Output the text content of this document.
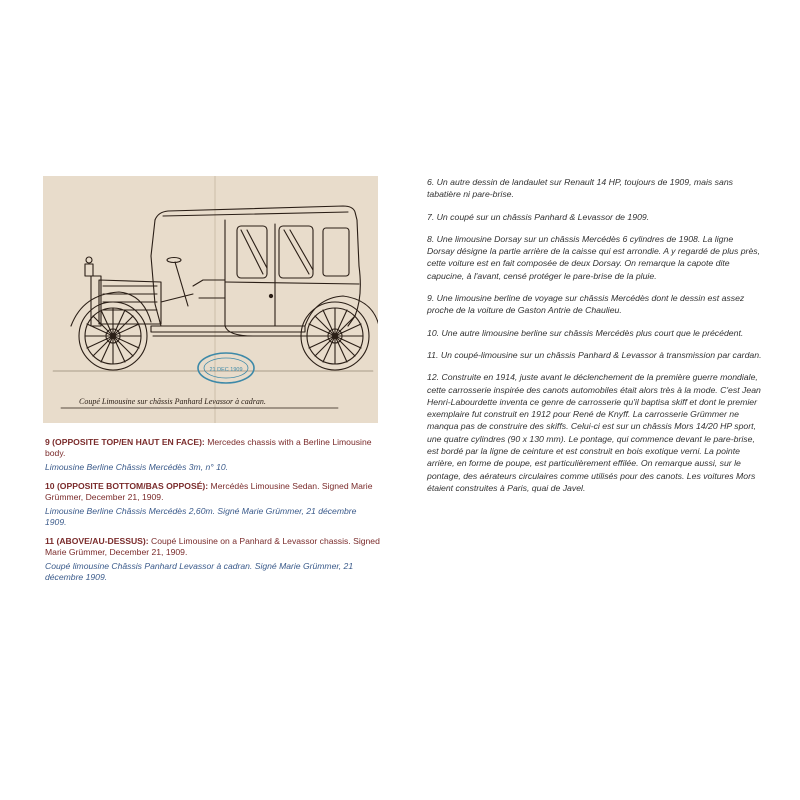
21 DEC 1909
Coupé Limousine sur châssis Panhard Levassor à cadran.
9 (OPPOSITE TOP/EN HAUT EN FACE): Mercedes chassis with a Berline Limousine body.
Limousine Berline Châssis Mercédès 3m, n° 10.
10 (OPPOSITE BOTTOM/BAS OPPOSÉ): Mercédès Limousine Sedan. Signed Marie Grümmer, December 21, 1909.
Limousine Berline Châssis Mercédès 2,60m. Signé Marie Grümmer, 21 décembre 1909.
11 (ABOVE/AU-DESSUS): Coupé Limousine on a Panhard & Levassor chassis. Signed Marie Grümmer, December 21, 1909.
Coupé limousine Châssis Panhard Levassor à cadran. Signé Marie Grümmer, 21 décembre 1909.

6. Un autre dessin de landaulet sur Renault 14 HP, toujours de 1909, mais sans tabatière ni pare-brise.

7. Un coupé sur un châssis Panhard & Levassor de 1909.

8. Une limousine Dorsay sur un châssis Mercédès 6 cylindres de 1908. La ligne Dorsay désigne la partie arrière de la caisse qui est arrondie. A y regardé de plus près, cette voiture est en fait composée de deux Dorsay. On remarque la capote dite capucine, à l'avant, censé protéger le pare-brise de la pluie.

9. Une limousine berline de voyage sur châssis Mercédès dont le dessin est assez proche de la voiture de Gaston Antrie de Chaulieu.

10. Une autre limousine berline sur châssis Mercédès plus court que le précédent.

11. Un coupé-limousine sur un châssis Panhard & Levassor à transmission par cardan.

12. Construite en 1914, juste avant le déclenchement de la première guerre mondiale, cette carrosserie inspirée des canots automobiles était alors très à la mode. C'est Jean Henri-Labourdette inventa ce genre de carrosserie qu'il baptisa skiff et dont le premier exemplaire fut construit en 1912 pour René de Knyff. La carrosserie Grümmer ne manqua pas de construire des skiffs. Celui-ci est sur un châssis Mors 14/20 HP sport, une quatre cylindres (90 x 130 mm). Le pontage, qui commence devant le pare-brise, est bordé par la ligne de ceinture et est construit en bois exotique verni. La pointe arrière, en forme de poupe, est particulièrement effilée. On remarque aussi, sur le pontage, des aérateurs circulaires comme utilisés pour des canots. Les voitures Mors étaient construites à Paris, quai de Javel.
